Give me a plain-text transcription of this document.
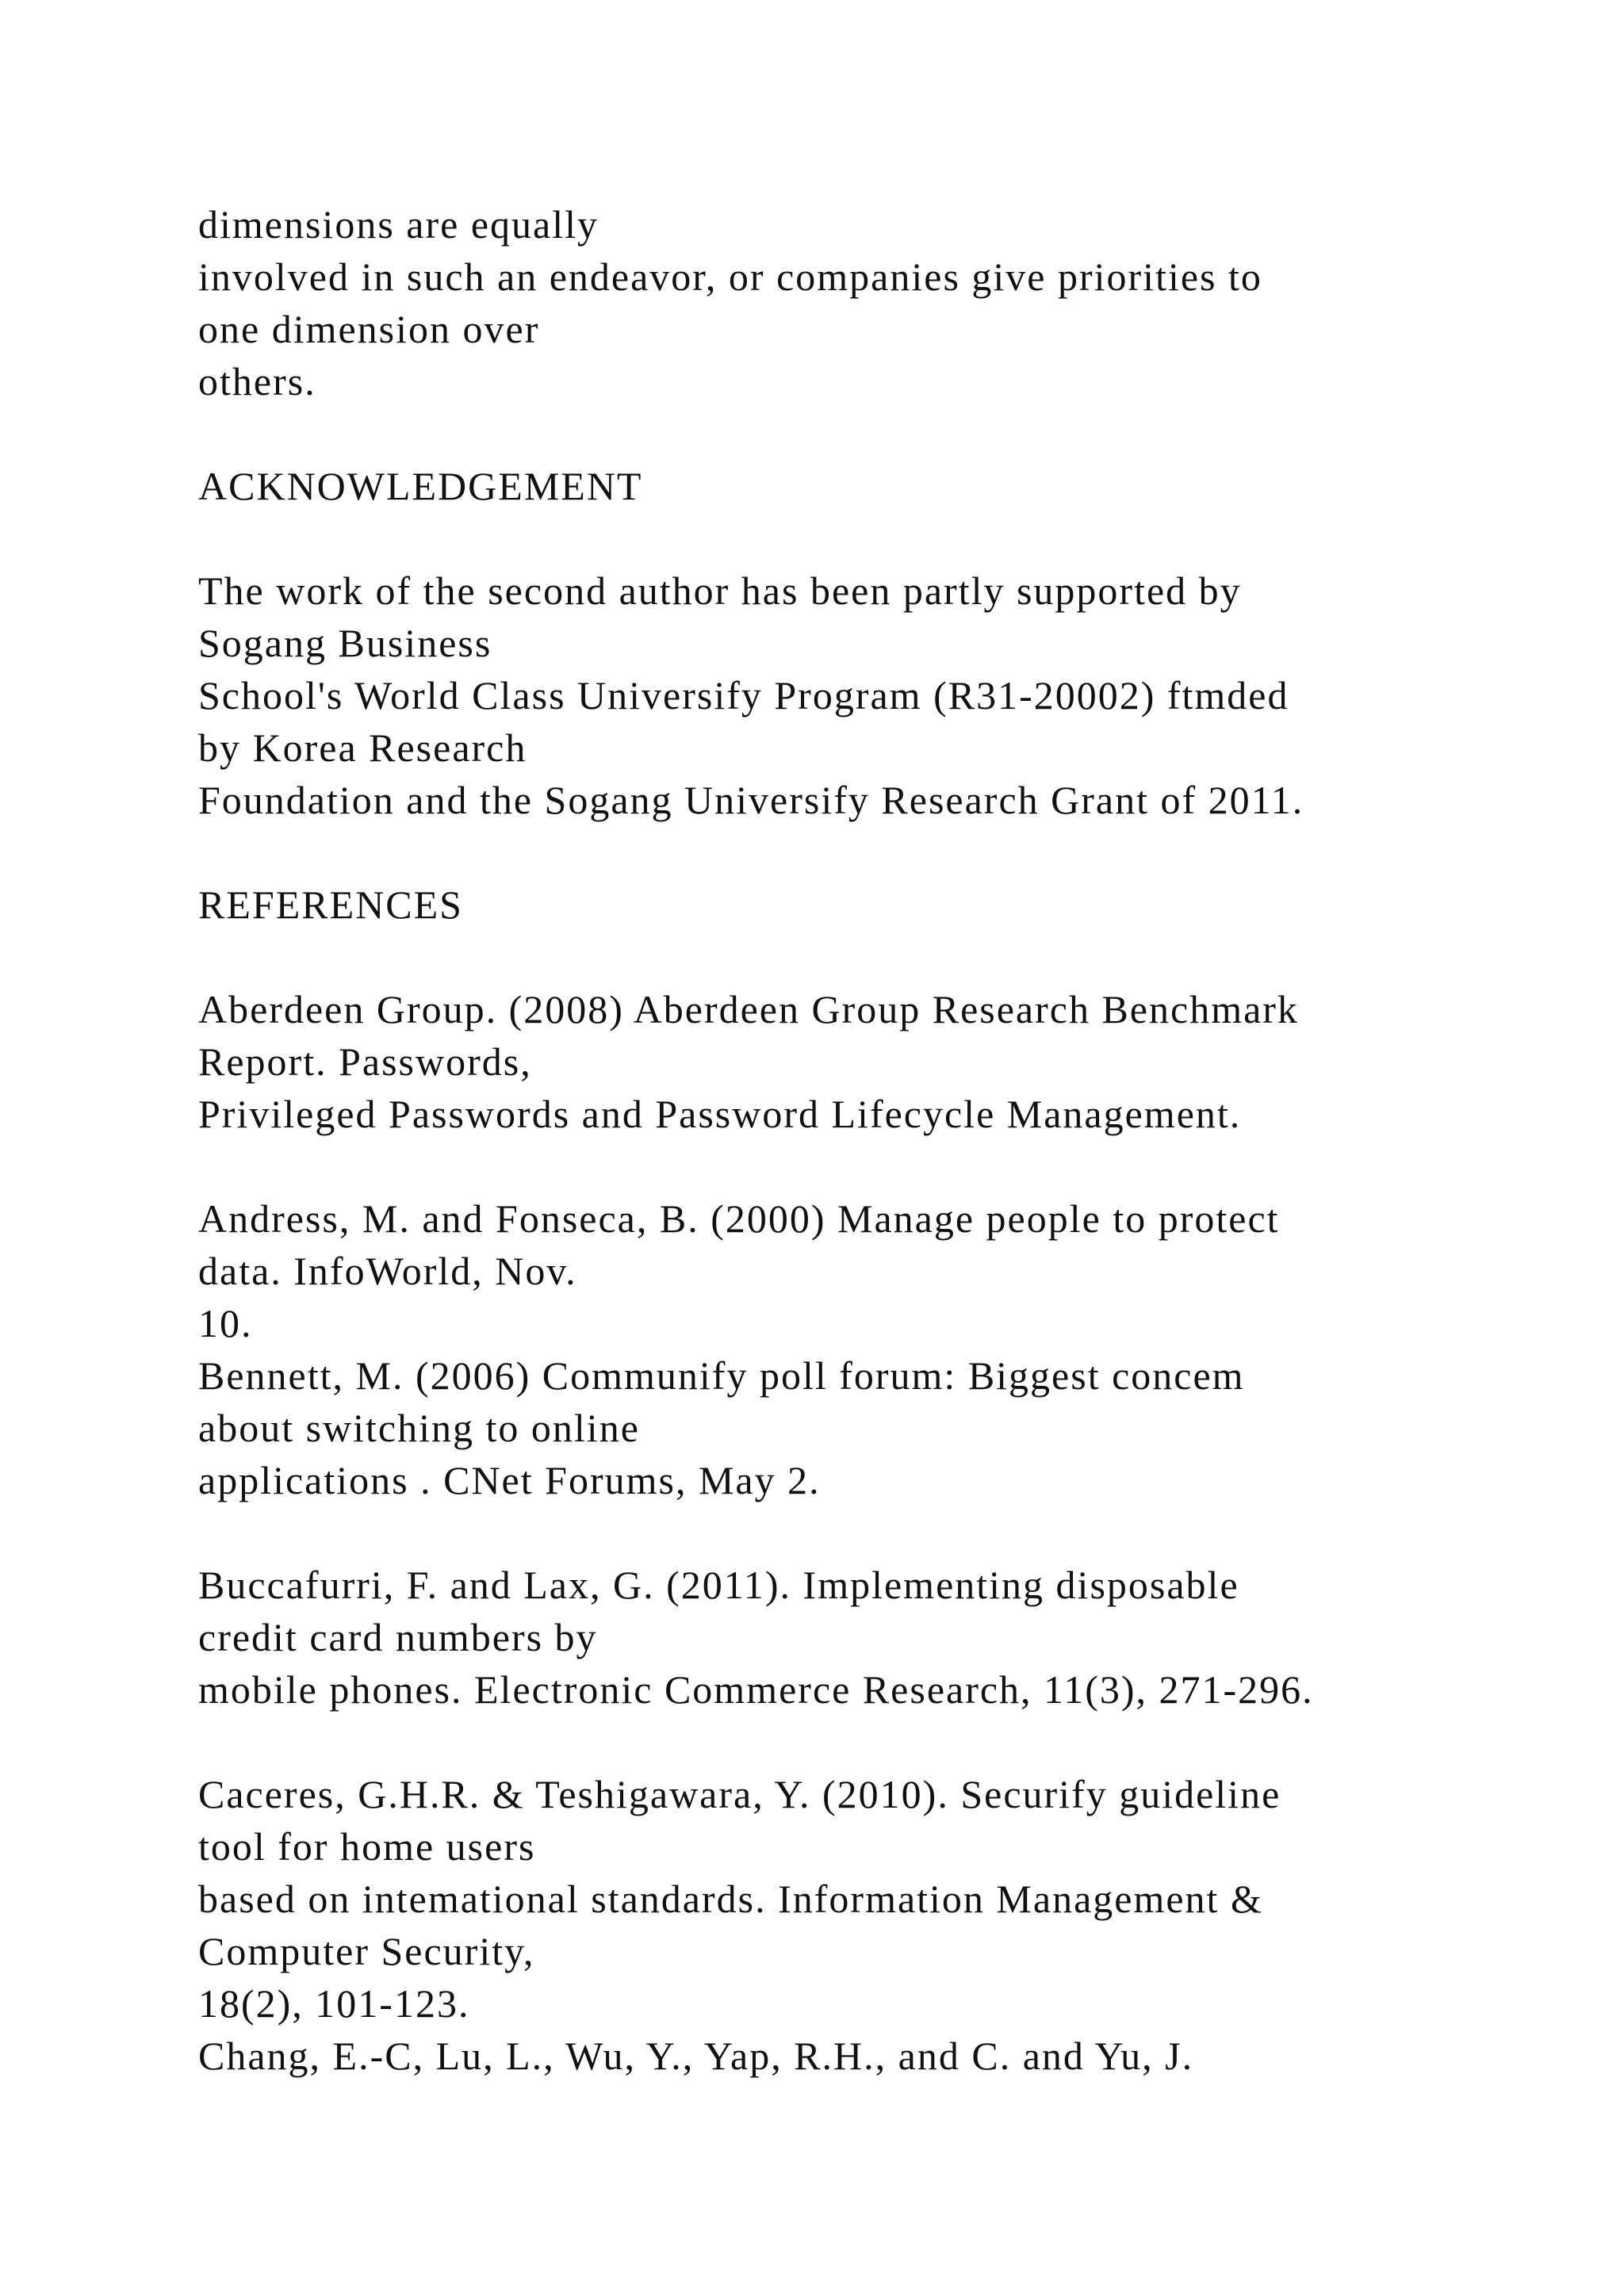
dimensions are equally
involved in such an endeavor, or companies give priorities to
one dimension over
others.
ACKNOWLEDGEMENT
The work of the second author has been partly supported by
Sogang Business
School's World Class Universify Program (R31-20002) ftmded
by Korea Research
Foundation and the Sogang Universify Research Grant of 2011.
REFERENCES
Aberdeen Group. (2008) Aberdeen Group Research Benchmark
Report. Passwords,
Privileged Passwords and Password Lifecycle Management.
Andress, M. and Fonseca, B. (2000) Manage people to protect
data. InfoWorld, Nov.
10.
Bennett, M. (2006) Communify poll forum: Biggest concem
about switching to online
applications . CNet Forums, May 2.
Buccafurri, F. and Lax, G. (2011). Implementing disposable
credit card numbers by
mobile phones. Electronic Commerce Research, 11(3), 271-296.
Caceres, G.H.R. & Teshigawara, Y. (2010). Securify guideline
tool for home users
based on intemational standards. Information Management &
Computer Security,
18(2), 101-123.
Chang, E.-C, Lu, L., Wu, Y., Yap, R.H., and C. and Yu, J.
